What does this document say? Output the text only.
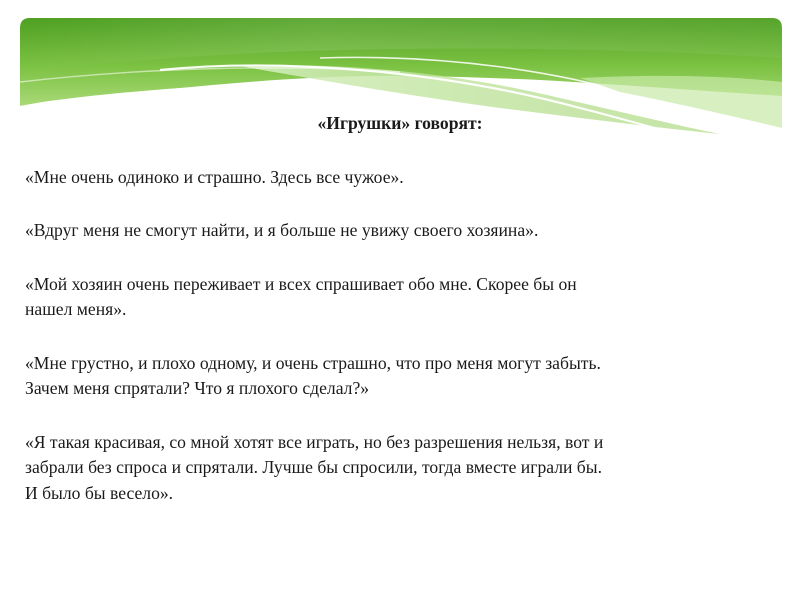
«Игрушки» говорят:

«Мне очень одиноко и страшно. Здесь все чужое».

«Вдруг меня не смогут найти, и я больше не увижу своего хозяина».

«Мой хозяин очень переживает и всех спрашивает обо мне. Скорее бы он
нашел меня».

«Мне грустно, и плохо одному, и очень страшно, что про меня могут забыть.
Зачем меня спрятали? Что я плохого сделал?»

«Я такая красивая, со мной хотят все играть, но без разрешения нельзя, вот и
забрали без спроса и спрятали. Лучше бы спросили, тогда вместе играли бы.
И было бы весело».
